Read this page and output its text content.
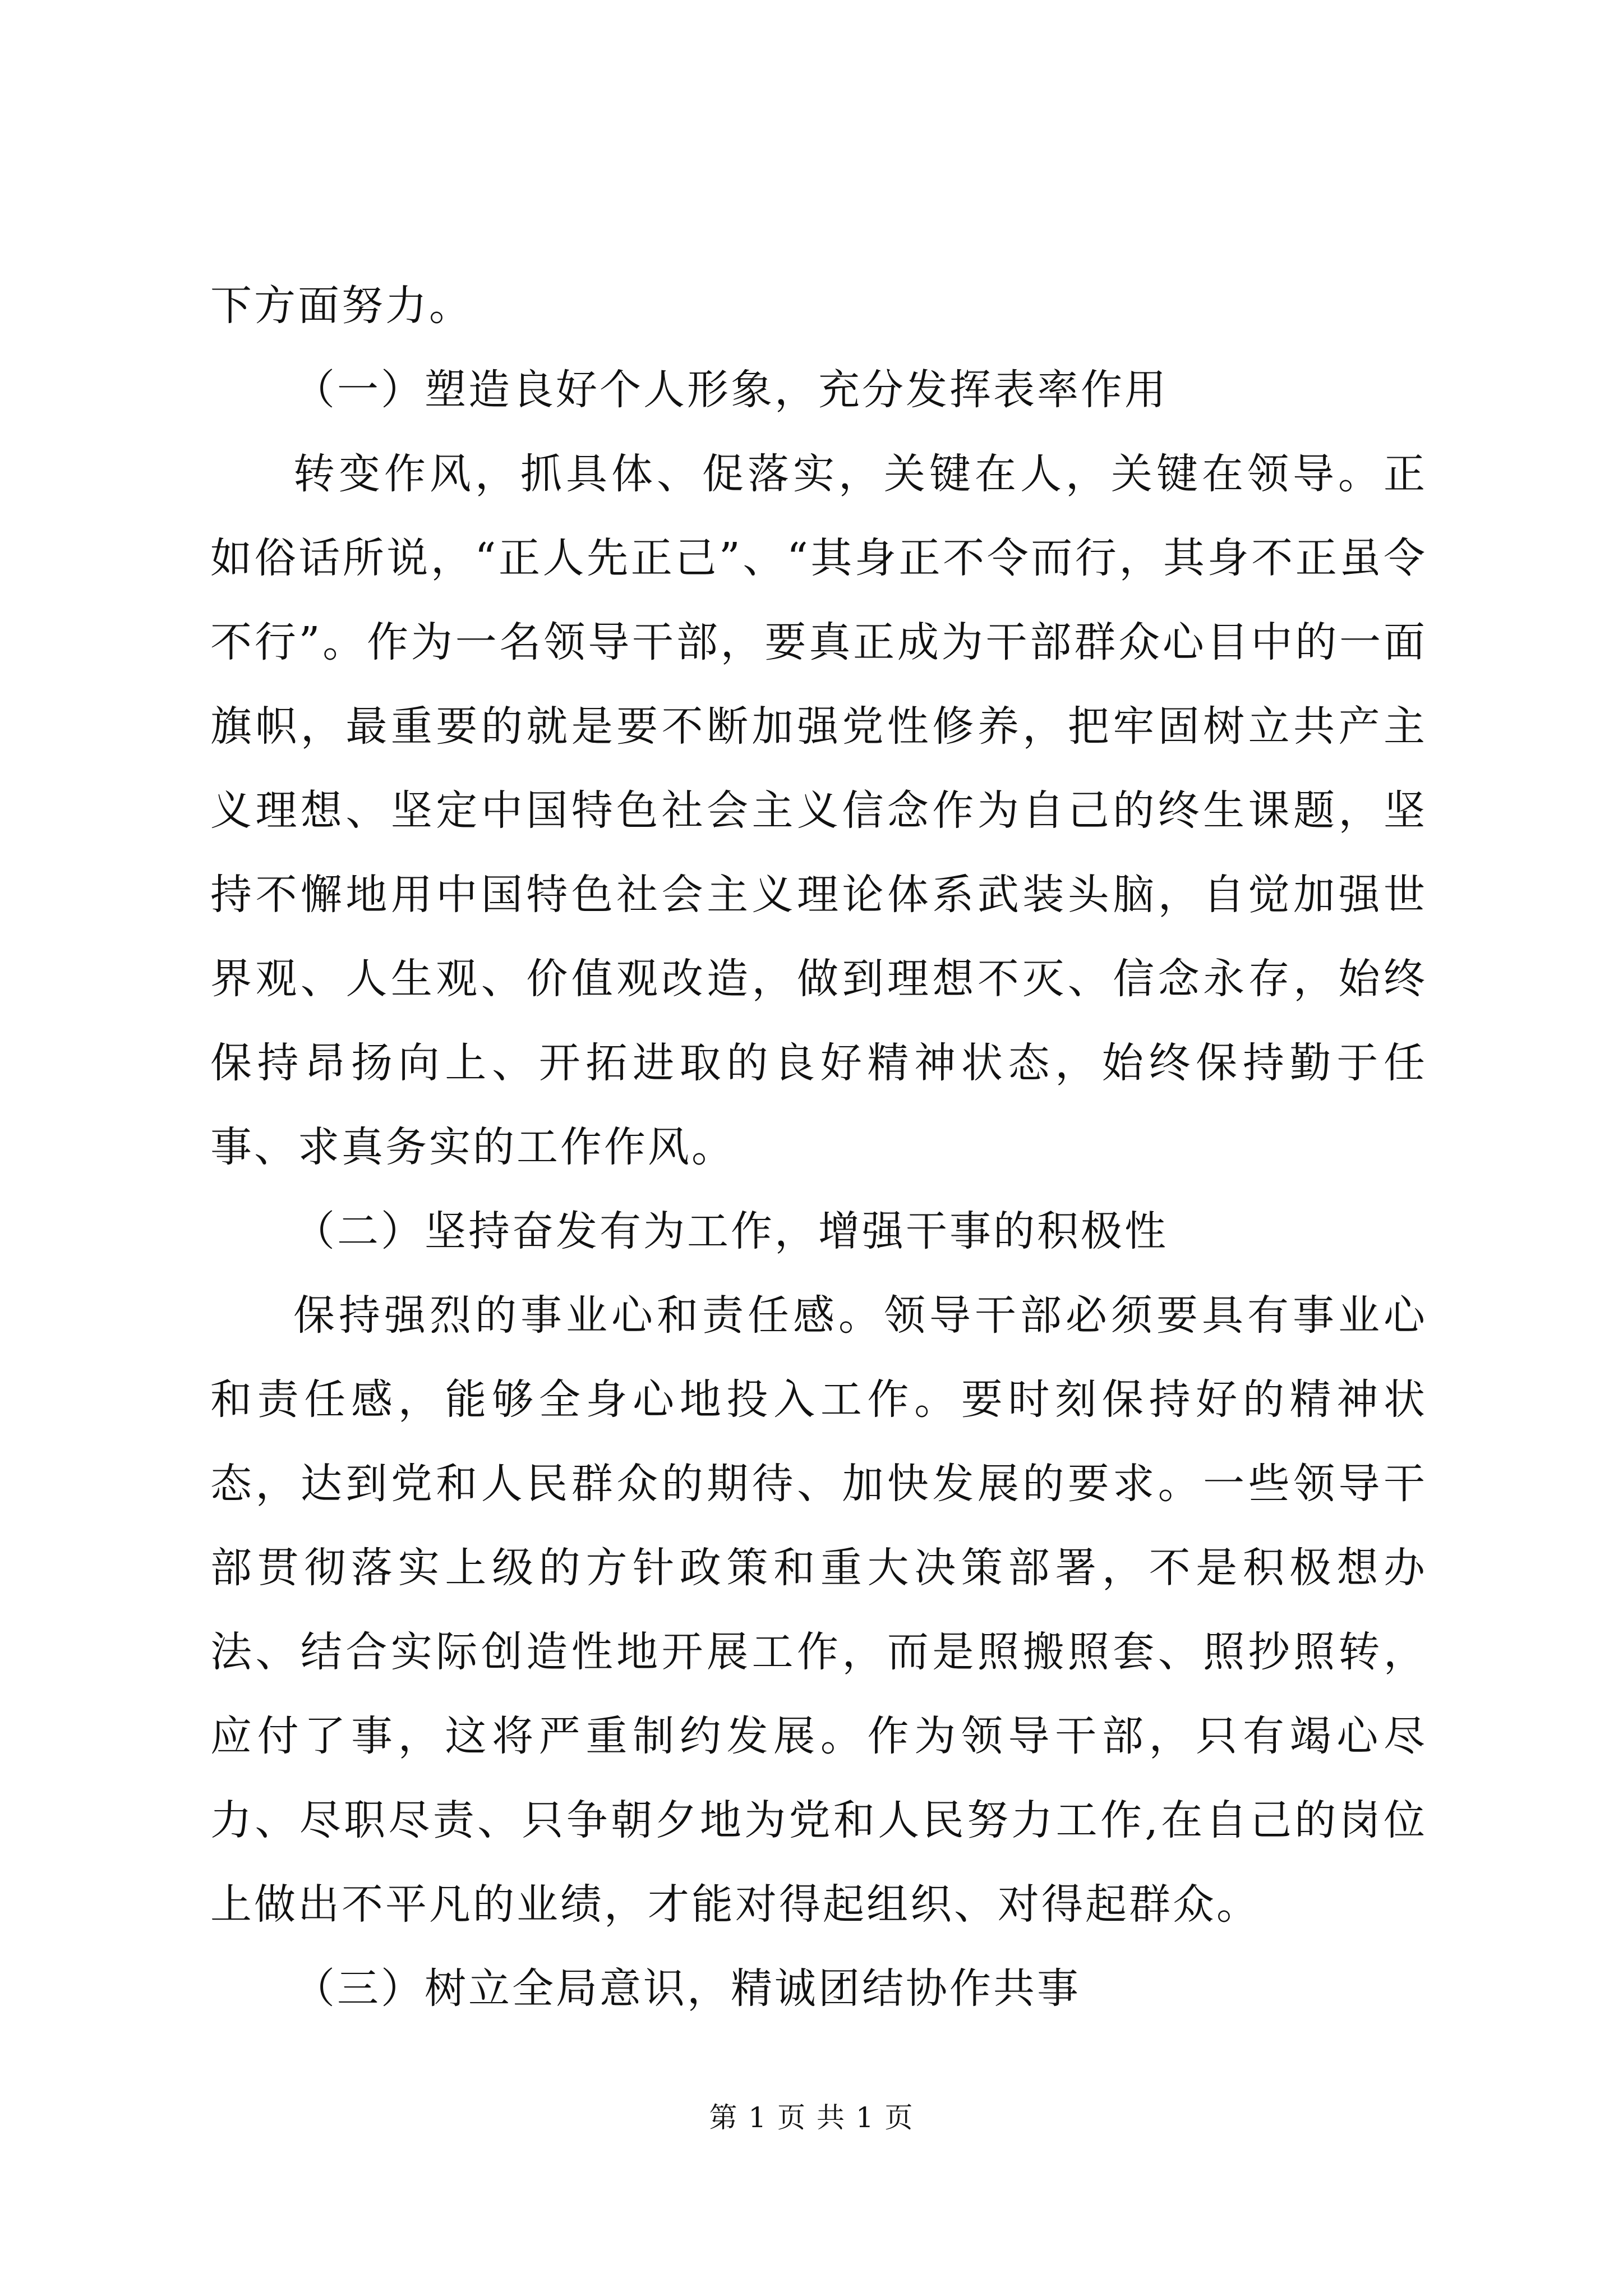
下方面努力。

（一）塑造良好个人形象，充分发挥表率作用

转变作风，抓具体、促落实，关键在人，关键在领导。正如俗话所说，“正人先正己”、“其身正不令而行，其身不正虽令不行”。作为一名领导干部，要真正成为干部群众心目中的一面旗帜，最重要的就是要不断加强党性修养，把牢固树立共产主义理想、坚定中国特色社会主义信念作为自己的终生课题，坚持不懈地用中国特色社会主义理论体系武装头脑，自觉加强世界观、人生观、价值观改造，做到理想不灭、信念永存，始终保持昂扬向上、开拓进取的良好精神状态，始终保持勤于任事、求真务实的工作作风。

（二）坚持奋发有为工作，增强干事的积极性

保持强烈的事业心和责任感。领导干部必须要具有事业心和责任感，能够全身心地投入工作。要时刻保持好的精神状态，达到党和人民群众的期待、加快发展的要求。一些领导干部贯彻落实上级的方针政策和重大决策部署，不是积极想办法、结合实际创造性地开展工作，而是照搬照套、照抄照转，应付了事，这将严重制约发展。作为领导干部，只有竭心尽力、尽职尽责、只争朝夕地为党和人民努力工作,在自己的岗位上做出不平凡的业绩，才能对得起组织、对得起群众。

（三）树立全局意识，精诚团结协作共事

第 1 页 共 1 页
